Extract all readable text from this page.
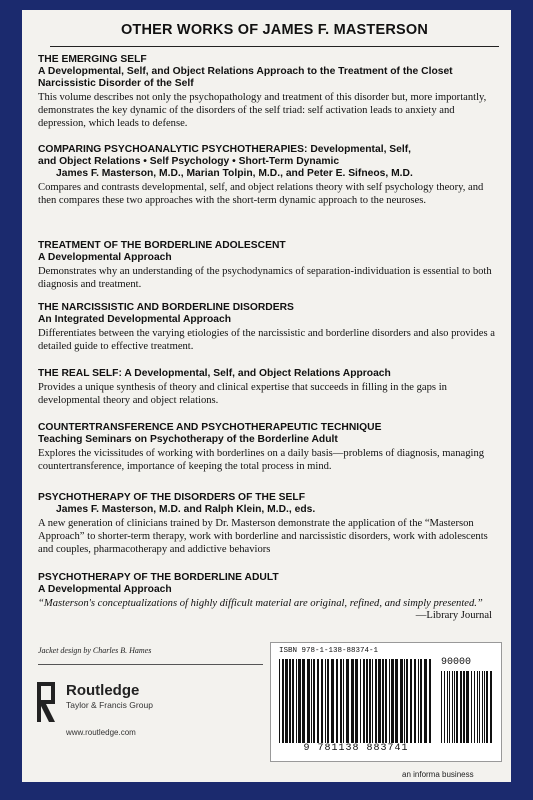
OTHER WORKS OF JAMES F. MASTERSON
THE EMERGING SELF
A Developmental, Self, and Object Relations Approach to the Treatment of the Closet Narcissistic Disorder of the Self
This volume describes not only the psychopathology and treatment of this disorder but, more importantly, demonstrates the key dynamic of the disorders of the self triad: self activation leads to anxiety and depression, which leads to defense.
COMPARING PSYCHOANALYTIC PSYCHOTHERAPIES: Developmental, Self,
and Object Relations • Self Psychology • Short-Term Dynamic
James F. Masterson, M.D., Marian Tolpin, M.D., and Peter E. Sifneos, M.D.
Compares and contrasts developmental, self, and object relations theory with self psychology theory, and then compares these two approaches with the short-term dynamic approach to the neuroses.
TREATMENT OF THE BORDERLINE ADOLESCENT
A Developmental Approach
Demonstrates why an understanding of the psychodynamics of separation-individuation is essential to both diagnosis and treatment.
THE NARCISSISTIC AND BORDERLINE DISORDERS
An Integrated Developmental Approach
Differentiates between the varying etiologies of the narcissistic and borderline disorders and also provides a detailed guide to effective treatment.
THE REAL SELF: A Developmental, Self, and Object Relations Approach
Provides a unique synthesis of theory and clinical expertise that succeeds in filling in the gaps in developmental theory and object relations.
COUNTERTRANSFERENCE AND PSYCHOTHERAPEUTIC TECHNIQUE
Teaching Seminars on Psychotherapy of the Borderline Adult
Explores the vicissitudes of working with borderlines on a daily basis—problems of diagnosis, managing countertransference, importance of keeping the total process in mind.
PSYCHOTHERAPY OF THE DISORDERS OF THE SELF
James F. Masterson, M.D. and Ralph Klein, M.D., eds.
A new generation of clinicians trained by Dr. Masterson demonstrate the application of the “Masterson Approach” to shorter-term therapy, work with borderline and narcissistic disorders, work with adolescents and couples, pharmacotherapy and addictive behaviors
PSYCHOTHERAPY OF THE BORDERLINE ADULT
A Developmental Approach
“Masterson's conceptualizations of highly difficult material are original, refined, and simply presented.”
—Library Journal
Jacket design by Charles B. Hames
Routledge
Taylor & Francis Group
www.routledge.com
ISBN 978-1-138-88374-1
90000
9 781138 883741
an informa business
